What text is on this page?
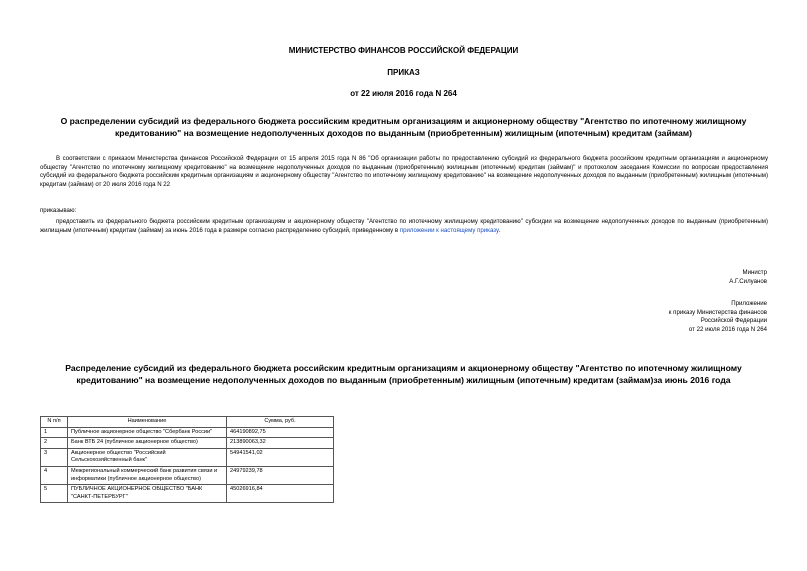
МИНИСТЕРСТВО ФИНАНСОВ РОССИЙСКОЙ ФЕДЕРАЦИИ
ПРИКАЗ
от 22 июля 2016 года N 264
О распределении субсидий из федерального бюджета российским кредитным организациям и акционерному обществу "Агентство по ипотечному жилищному кредитованию" на возмещение недополученных доходов по выданным (приобретенным) жилищным (ипотечным) кредитам (займам)
В соответствии с приказом Министерства финансов Российской Федерации от 15 апреля 2015 года N 86 "Об организации работы по предоставлению субсидий из федерального бюджета российским кредитным организациям и акционерному обществу "Агентство по ипотечному жилищному кредитованию" на возмещение недополученных доходов по выданным (приобретенным) жилищным (ипотечным) кредитам (займам)" и протоколом заседания Комиссии по вопросам предоставления субсидий из федерального бюджета российским кредитным организациям и акционерному обществу "Агентство по ипотечному жилищному кредитованию" на возмещение недополученных доходов по выданным (приобретенным) жилищным (ипотечным) кредитам (займам) от 20 июля 2016 года N 22
приказываю:
предоставить из федерального бюджета российским кредитным организациям и акционерному обществу "Агентство по ипотечному жилищному кредитованию" субсидии на возмещение недополученных доходов по выданным (приобретенным) жилищным (ипотечным) кредитам (займам) за июнь 2016 года в размере согласно распределению субсидий, приведенному в приложении к настоящему приказу.
Министр
А.Г.Силуанов
Приложение
к приказу Министерства финансов
Российской Федерации
от 22 июля 2016 года N 264
Распределение субсидий из федерального бюджета российским кредитным организациям и акционерному обществу "Агентство по ипотечному жилищному кредитованию" на возмещение недополученных доходов по выданным (приобретенным) жилищным (ипотечным) кредитам (займам)за июнь 2016 года
N п/п	Наименование	Сумма, руб.
1	Публичное акционерное общество "Сбербанк России"	464190892,75
2	Банк ВТБ 24 (публичное акционерное общество)	213890063,32
3	Акционерное общество "Российский Сельскохозяйственный банк"	54941541,02
4	Межрегиональный коммерческий банк развития связи и информатики (публичное акционерное общество)	24979239,78
5	ПУБЛИЧНОЕ АКЦИОНЕРНОЕ ОБЩЕСТВО "БАНК "САНКТ-ПЕТЕРБУРГ"	45026916,84
